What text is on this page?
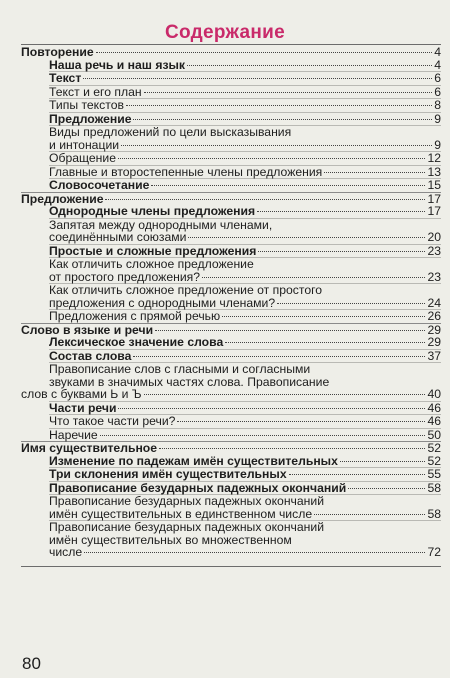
Содержание
Повторение	4
Наша речь и наш язык	4
Текст	6
Текст и его план	6
Типы текстов	8
Предложение	9
Виды предложений по цели высказывания
и интонации	9
Обращение	12
Главные и второстепенные члены предложения	13
Словосочетание	15
Предложение	17
Однородные члены предложения	17
Запятая между однородными членами,
соединёнными союзами	20
Простые и сложные предложения	23
Как отличить сложное предложение
от простого предложения?	23
Как отличить сложное предложение от простого
предложения с однородными членами?	24
Предложения с прямой речью	26
Слово в языке и речи	29
Лексическое значение слова	29
Состав слова	37
Правописание слов с гласными и согласными
звуками в значимых частях слова. Правописание
слов с буквами Ь и Ъ	40
Части речи	46
Что такое части речи?	46
Наречие	50
Имя существительное	52
Изменение по падежам имён существительных	52
Три склонения имён существительных	55
Правописание безударных падежных окончаний	58
Правописание безударных падежных окончаний
имён существительных в единственном числе	58
Правописание безударных падежных окончаний
имён существительных во множественном
числе	72
80
